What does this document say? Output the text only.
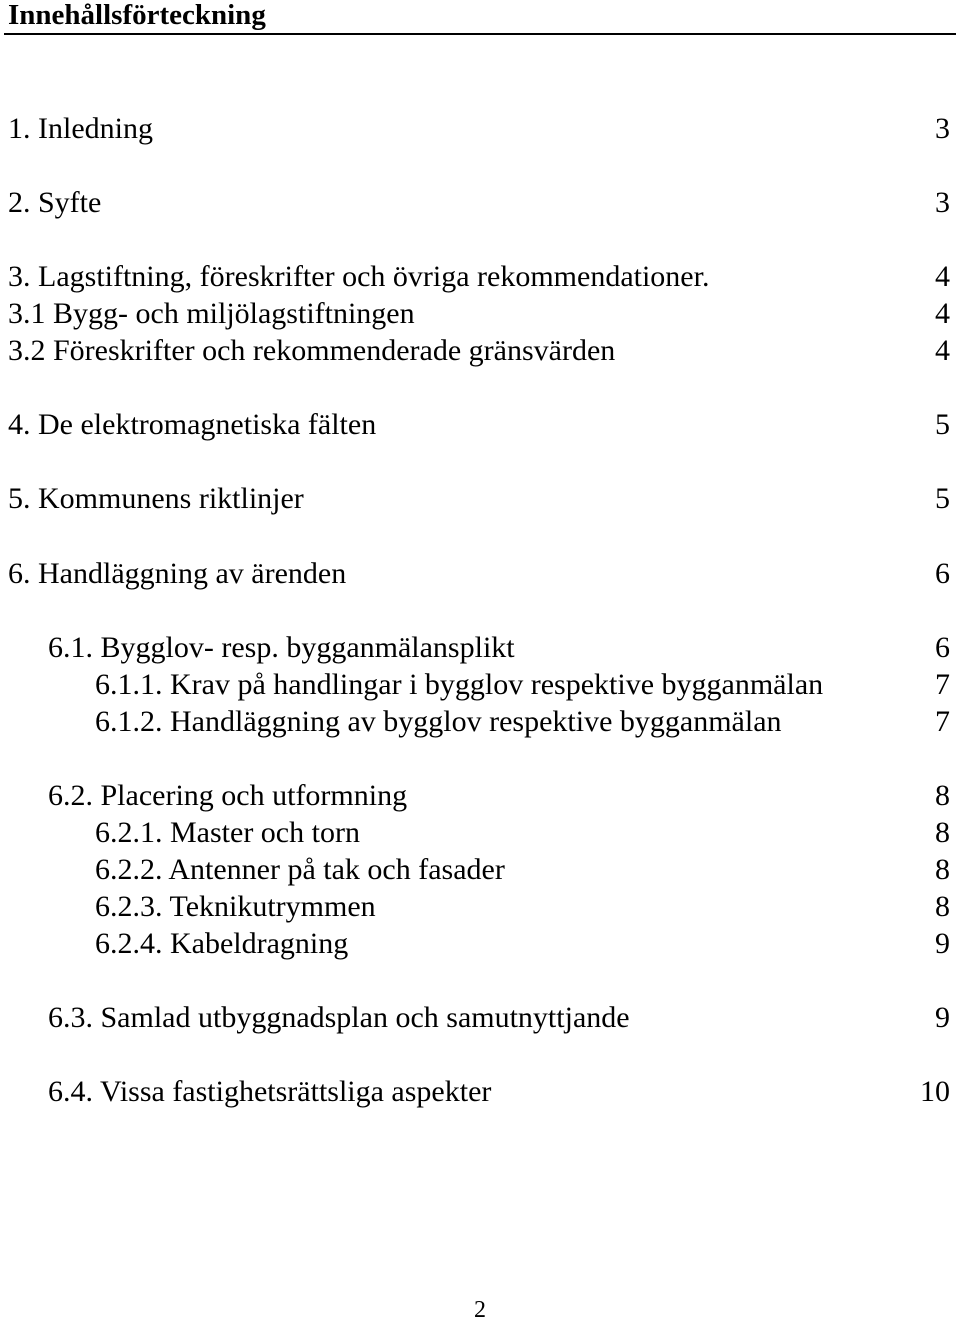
Innehållsförteckning
1. Inledning	3
2. Syfte	3
3. Lagstiftning, föreskrifter och övriga rekommendationer.	4
3.1 Bygg- och miljölagstiftningen	4
3.2 Föreskrifter och rekommenderade gränsvärden	4
4. De elektromagnetiska fälten	5
5. Kommunens riktlinjer	5
6. Handläggning av ärenden	6
6.1. Bygglov- resp. bygganmälansplikt	6
6.1.1. Krav på handlingar i bygglov respektive bygganmälan	7
6.1.2. Handläggning av bygglov respektive bygganmälan	7
6.2. Placering och utformning	8
6.2.1. Master och torn	8
6.2.2. Antenner på tak och fasader	8
6.2.3. Teknikutrymmen	8
6.2.4. Kabeldragning	9
6.3. Samlad utbyggnadsplan och samutnyttjande	9
6.4. Vissa fastighetsrättsliga aspekter	10
2
